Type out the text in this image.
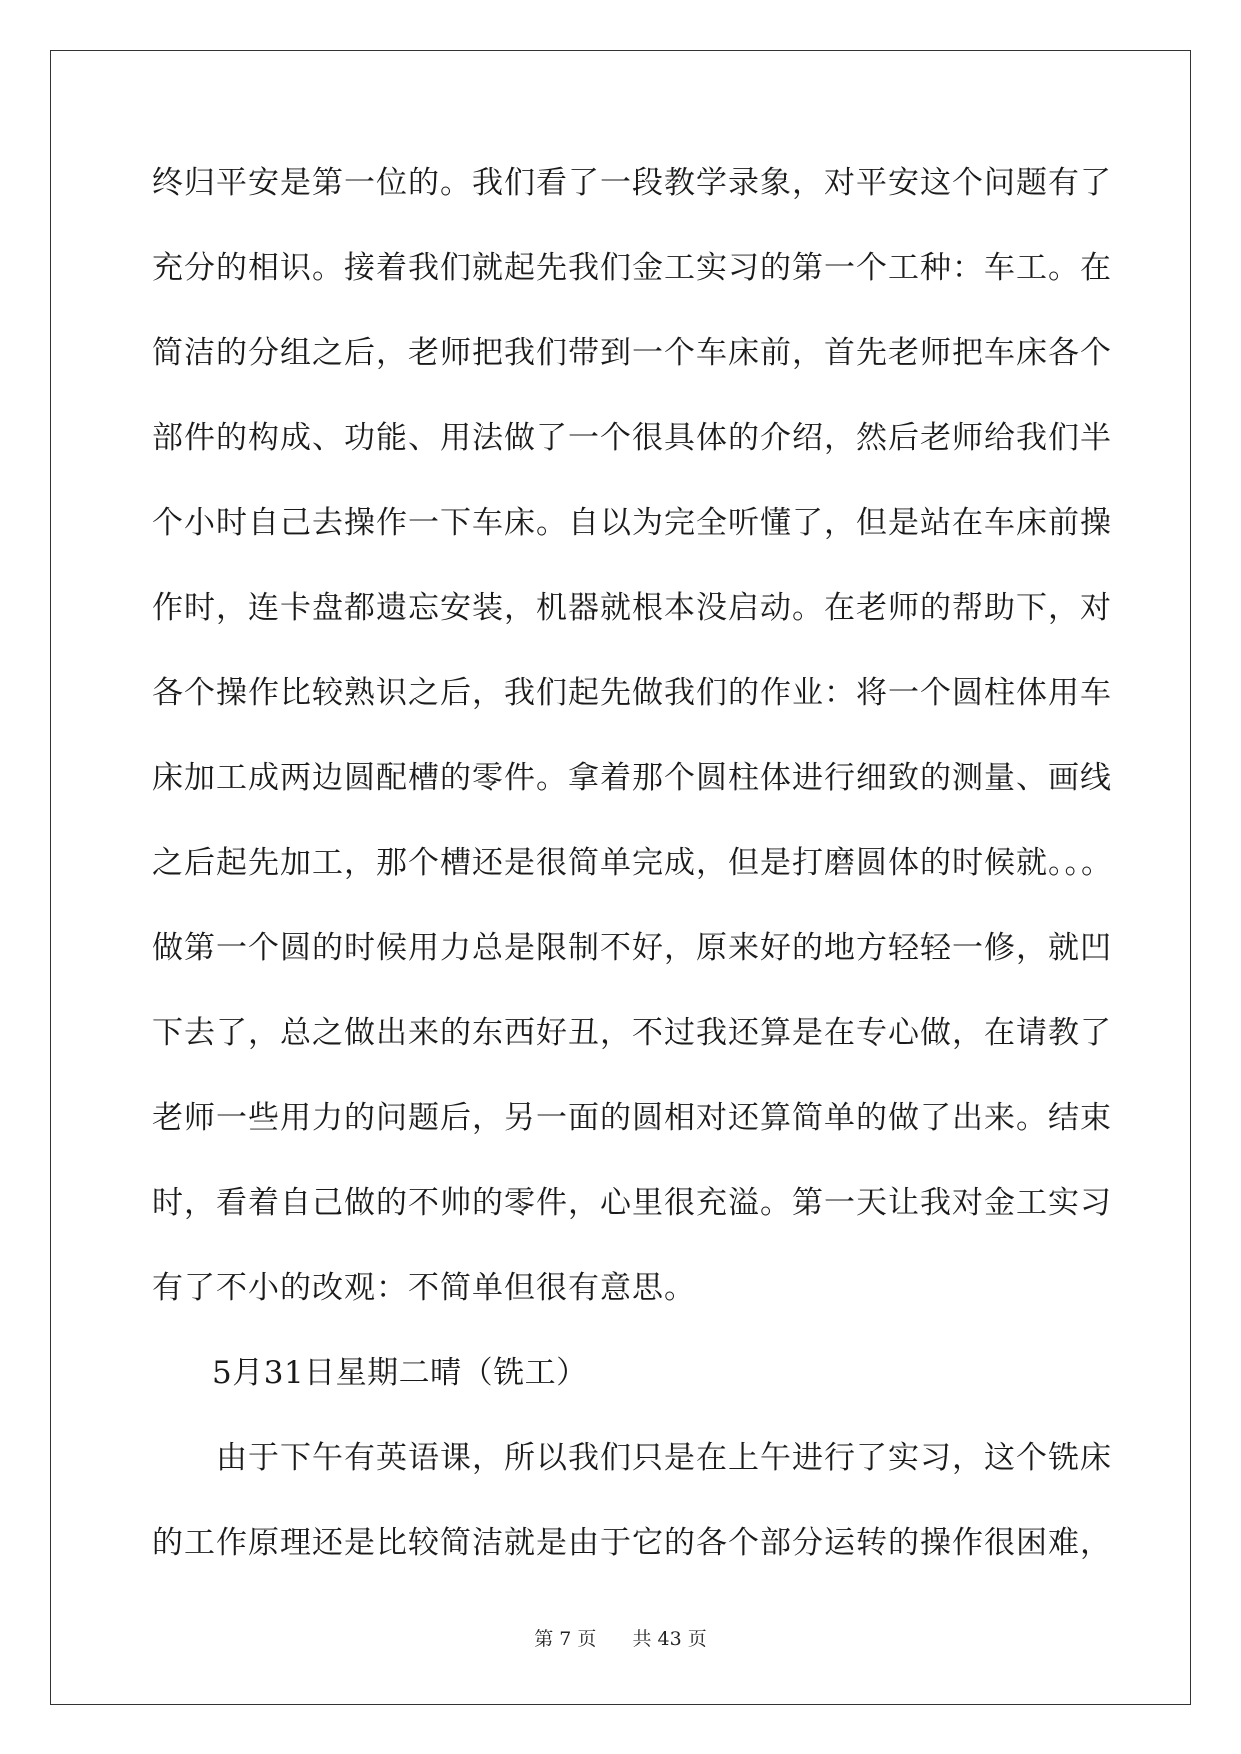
终归平安是第一位的。我们看了一段教学录象，对平安这个问题有了
充分的相识。接着我们就起先我们金工实习的第一个工种：车工。在
简洁的分组之后，老师把我们带到一个车床前，首先老师把车床各个
部件的构成、功能、用法做了一个很具体的介绍，然后老师给我们半
个小时自己去操作一下车床。自以为完全听懂了，但是站在车床前操
作时，连卡盘都遗忘安装，机器就根本没启动。在老师的帮助下，对
各个操作比较熟识之后，我们起先做我们的作业：将一个圆柱体用车
床加工成两边圆配槽的零件。拿着那个圆柱体进行细致的测量、画线
之后起先加工，那个槽还是很简单完成，但是打磨圆体的时候就。。。
做第一个圆的时候用力总是限制不好，原来好的地方轻轻一修，就凹
下去了，总之做出来的东西好丑，不过我还算是在专心做，在请教了
老师一些用力的问题后，另一面的圆相对还算简单的做了出来。结束
时，看着自己做的不帅的零件，心里很充溢。第一天让我对金工实习
有了不小的改观：不简单但很有意思。
5月31日星期二晴（铣工）
由于下午有英语课，所以我们只是在上午进行了实习，这个铣床
的工作原理还是比较简洁就是由于它的各个部分运转的操作很困难，
第 7 页 共 43 页
